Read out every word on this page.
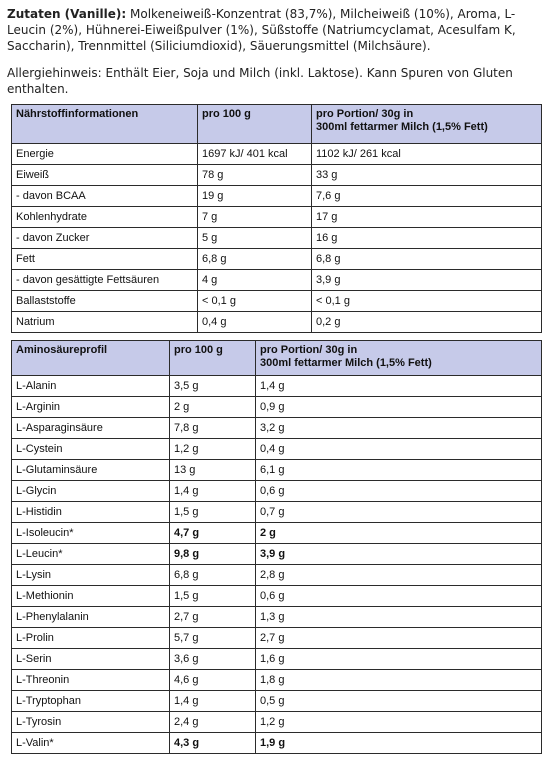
Zutaten (Vanille): Molkeneiweiß-Konzentrat (83,7%), Milcheiweiß (10%), Aroma, L-Leucin (2%), Hühnerei-Eiweißpulver (1%), Süßstoffe (Natriumcyclamat, Acesulfam K, Saccharin), Trennmittel (Siliciumdioxid), Säuerungsmittel (Milchsäure).

Allergiehinweis: Enthält Eier, Soja und Milch (inkl. Laktose). Kann Spuren von Gluten enthalten.

Nährstoffinformationen	pro 100 g	pro Portion/ 30g in
300ml fettarmer Milch (1,5% Fett)
Energie	1697 kJ/ 401 kcal	1102 kJ/ 261 kcal
Eiweiß	78 g	33 g
- davon BCAA	19 g	7,6 g
Kohlenhydrate	7 g	17 g
- davon Zucker	5 g	16 g
Fett	6,8 g	6,8 g
- davon gesättigte Fettsäuren	4 g	3,9 g
Ballaststoffe	< 0,1 g	< 0,1 g
Natrium	0,4 g	0,2 g
Aminosäureprofil	pro 100 g	pro Portion/ 30g in
300ml fettarmer Milch (1,5% Fett)
L-Alanin	3,5 g	1,4 g
L-Arginin	2 g	0,9 g
L-Asparaginsäure	7,8 g	3,2 g
L-Cystein	1,2 g	0,4 g
L-Glutaminsäure	13 g	6,1 g
L-Glycin	1,4 g	0,6 g
L-Histidin	1,5 g	0,7 g
L-Isoleucin*	4,7 g	2 g
L-Leucin*	9,8 g	3,9 g
L-Lysin	6,8 g	2,8 g
L-Methionin	1,5 g	0,6 g
L-Phenylalanin	2,7 g	1,3 g
L-Prolin	5,7 g	2,7 g
L-Serin	3,6 g	1,6 g
L-Threonin	4,6 g	1,8 g
L-Tryptophan	1,4 g	0,5 g
L-Tyrosin	2,4 g	1,2 g
L-Valin*	4,3 g	1,9 g
